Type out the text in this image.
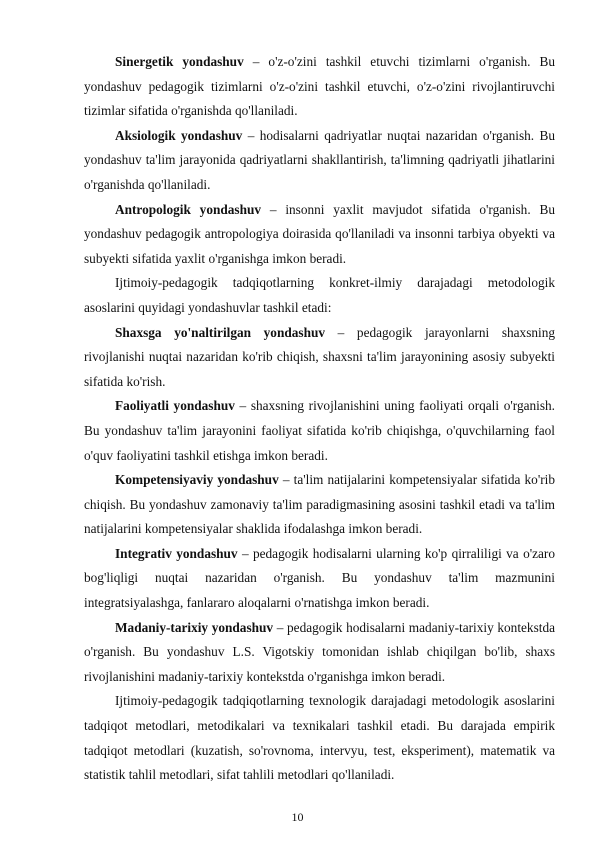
Sinergetik yondashuv – o'z-o'zini tashkil etuvchi tizimlarni o'rganish. Bu yondashuv pedagogik tizimlarni o'z-o'zini tashkil etuvchi, o'z-o'zini rivojlantiruvchi tizimlar sifatida o'rganishda qo'llaniladi.

Aksiologik yondashuv – hodisalarni qadriyatlar nuqtai nazaridan o'rganish. Bu yondashuv ta'lim jarayonida qadriyatlarni shakllantirish, ta'limning qadriyatli jihatlarini o'rganishda qo'llaniladi.

Antropologik yondashuv – insonni yaxlit mavjudot sifatida o'rganish. Bu yondashuv pedagogik antropologiya doirasida qo'llaniladi va insonni tarbiya obyekti va subyekti sifatida yaxlit o'rganishga imkon beradi.

Ijtimoiy-pedagogik tadqiqotlarning konkret-ilmiy darajadagi metodologik asoslarini quyidagi yondashuvlar tashkil etadi:

Shaxsga yo'naltirilgan yondashuv – pedagogik jarayonlarni shaxsning rivojlanishi nuqtai nazaridan ko'rib chiqish, shaxsni ta'lim jarayonining asosiy subyekti sifatida ko'rish.

Faoliyatli yondashuv – shaxsning rivojlanishini uning faoliyati orqali o'rganish. Bu yondashuv ta'lim jarayonini faoliyat sifatida ko'rib chiqishga, o'quvchilarning faol o'quv faoliyatini tashkil etishga imkon beradi.

Kompetensiyaviy yondashuv – ta'lim natijalarini kompetensiyalar sifatida ko'rib chiqish. Bu yondashuv zamonaviy ta'lim paradigmasining asosini tashkil etadi va ta'lim natijalarini kompetensiyalar shaklida ifodalashga imkon beradi.

Integrativ yondashuv – pedagogik hodisalarni ularning ko'p qirraliligi va o'zaro bog'liqligi nuqtai nazaridan o'rganish. Bu yondashuv ta'lim mazmunini integratsiyalashga, fanlararo aloqalarni o'rnatishga imkon beradi.

Madaniy-tarixiy yondashuv – pedagogik hodisalarni madaniy-tarixiy kontekstda o'rganish. Bu yondashuv L.S. Vigotskiy tomonidan ishlab chiqilgan bo'lib, shaxs rivojlanishini madaniy-tarixiy kontekstda o'rganishga imkon beradi.

Ijtimoiy-pedagogik tadqiqotlarning texnologik darajadagi metodologik asoslarini tadqiqot metodlari, metodikalari va texnikalari tashkil etadi. Bu darajada empirik tadqiqot metodlari (kuzatish, so'rovnoma, intervyu, test, eksperiment), matematik va statistik tahlil metodlari, sifat tahlili metodlari qo'llaniladi.

10
